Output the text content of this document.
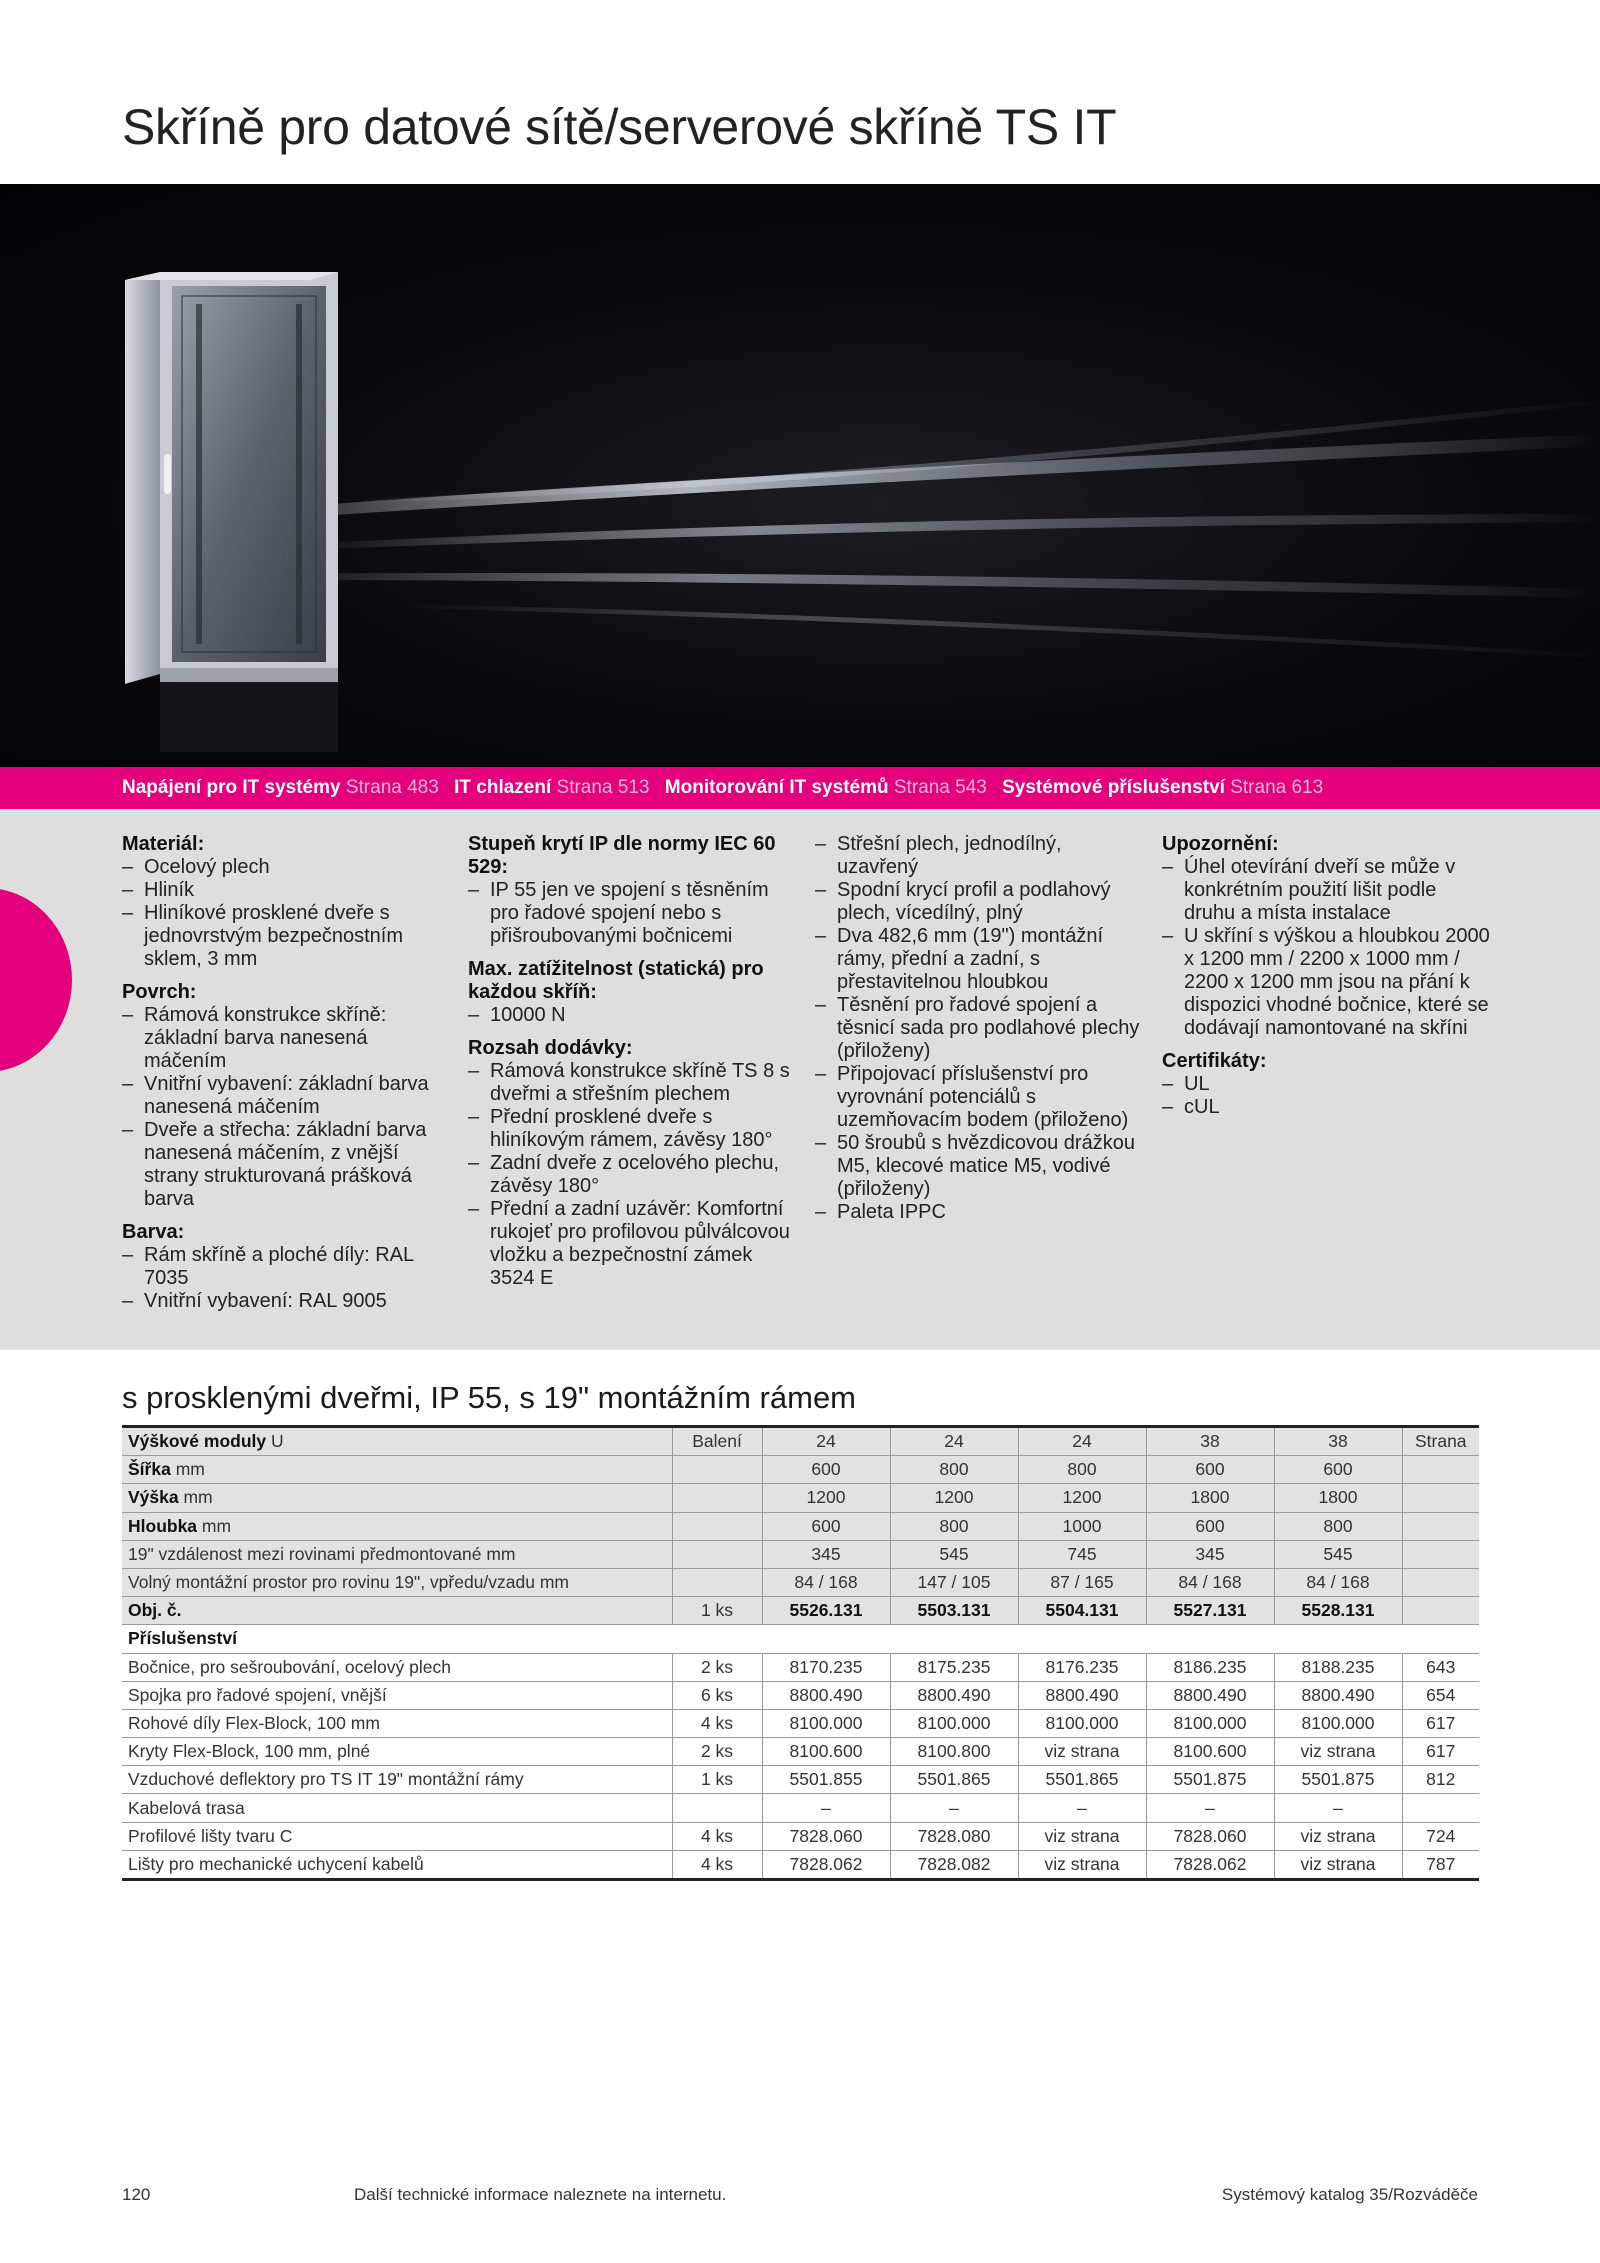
Skříně pro datové sítě/serverové skříně TS IT
Napájení pro IT systémy Strana 483 IT chlazení Strana 513 Monitorování IT systémů Strana 543 Systémové příslušenství Strana 613
Materiál:
– Ocelový plech
– Hliník
– Hliníkové prosklené dveře s jednovrstvým bezpečnostním sklem, 3 mm
Povrch:
– Rámová konstrukce skříně: základní barva nanesená máčením
– Vnitřní vybavení: základní barva nanesená máčením
– Dveře a střecha: základní barva nanesená máčením, z vnější strany strukturovaná prášková barva
Barva:
– Rám skříně a ploché díly: RAL 7035
– Vnitřní vybavení: RAL 9005
Stupeň krytí IP dle normy IEC 60 529:
– IP 55 jen ve spojení s těsněním pro řadové spojení nebo s přišroubovanými bočnicemi
Max. zatížitelnost (statická) pro každou skříň:
– 10000 N
Rozsah dodávky:
– Rámová konstrukce skříně TS 8 s dveřmi a střešním plechem
– Přední prosklené dveře s hliníkovým rámem, závěsy 180°
– Zadní dveře z ocelového plechu, závěsy 180°
– Přední a zadní uzávěr: Komfortní rukojeť pro profilovou půlválcovou vložku a bezpečnostní zámek 3524 E
– Střešní plech, jednodílný, uzavřený
– Spodní krycí profil a podlahový plech, vícedílný, plný
– Dva 482,6 mm (19") montážní rámy, přední a zadní, s přestavitelnou hloubkou
– Těsnění pro řadové spojení a těsnicí sada pro podlahové plechy (přiloženy)
– Připojovací příslušenství pro vyrovnání potenciálů s uzemňovacím bodem (přiloženo)
– 50 šroubů s hvězdicovou drážkou M5, klecové matice M5, vodivé (přiloženy)
– Paleta IPPC
Upozornění:
– Úhel otevírání dveří se může v konkrétním použití lišit podle druhu a místa instalace
– U skříní s výškou a hloubkou 2000 x 1200 mm / 2200 x 1000 mm / 2200 x 1200 mm jsou na přání k dispozici vhodné bočnice, které se dodávají namontované na skříni
Certifikáty:
– UL
– cUL
s prosklenými dveřmi, IP 55, s 19" montážním rámem
Výškové moduly U	Balení	24	24	24	38	38	Strana
Šířka mm		600	800	800	600	600	
Výška mm		1200	1200	1200	1800	1800	
Hloubka mm		600	800	1000	600	800	
19" vzdálenost mezi rovinami předmontované mm		345	545	745	345	545	
Volný montážní prostor pro rovinu 19", vpředu/vzadu mm		84 / 168	147 / 105	87 / 165	84 / 168	84 / 168	
Obj. č.	1 ks	5526.131	5503.131	5504.131	5527.131	5528.131	
Příslušenství							
Bočnice, pro sešroubování, ocelový plech	2 ks	8170.235	8175.235	8176.235	8186.235	8188.235	643
Spojka pro řadové spojení, vnější	6 ks	8800.490	8800.490	8800.490	8800.490	8800.490	654
Rohové díly Flex-Block, 100 mm	4 ks	8100.000	8100.000	8100.000	8100.000	8100.000	617
Kryty Flex-Block, 100 mm, plné	2 ks	8100.600	8100.800	viz strana	8100.600	viz strana	617
Vzduchové deflektory pro TS IT 19" montážní rámy	1 ks	5501.855	5501.865	5501.865	5501.875	5501.875	812
Kabelová trasa		–	–	–	–	–	
Profilové lišty tvaru C	4 ks	7828.060	7828.080	viz strana	7828.060	viz strana	724
Lišty pro mechanické uchycení kabelů	4 ks	7828.062	7828.082	viz strana	7828.062	viz strana	787
120	Další technické informace naleznete na internetu.	Systémový katalog 35/Rozváděče
